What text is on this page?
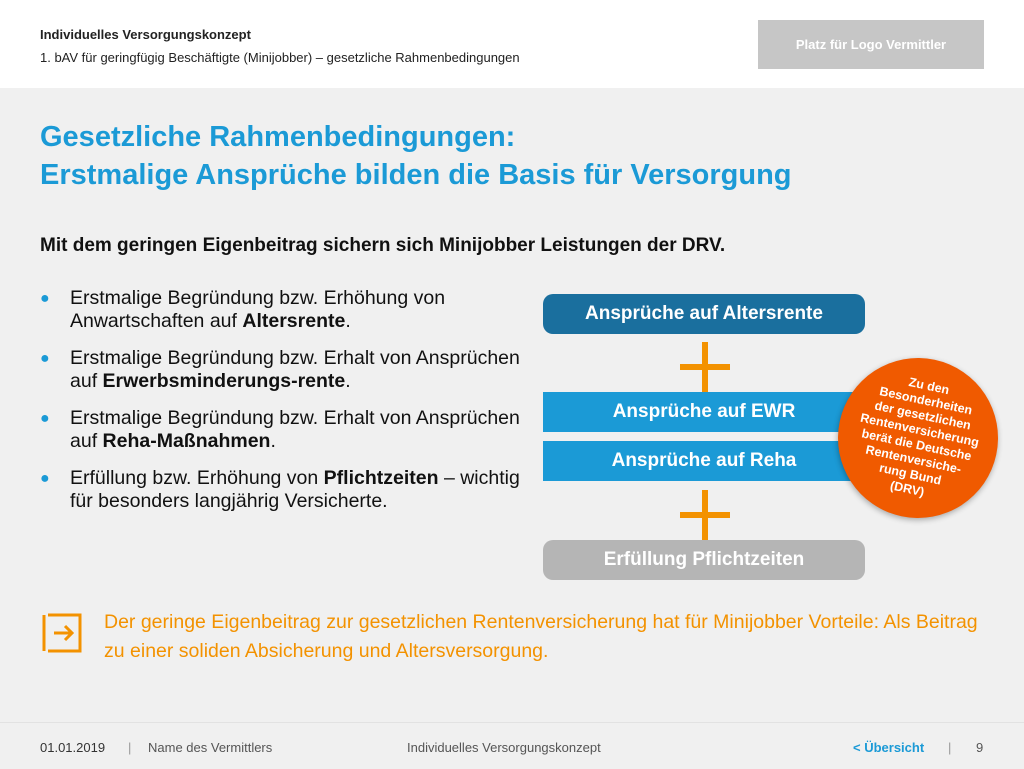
Individuelles Versorgungskonzept
1. bAV für geringfügig Beschäftigte (Minijobber) – gesetzliche Rahmenbedingungen
Platz für Logo Vermittler
Gesetzliche Rahmenbedingungen:
Erstmalige Ansprüche bilden die Basis für Versorgung
Mit dem geringen Eigenbeitrag sichern sich Minijobber Leistungen der DRV.
● Erstmalige Begründung bzw. Erhöhung von Anwartschaften auf Altersrente.
● Erstmalige Begründung bzw. Erhalt von Ansprüchen auf Erwerbsminderungs-rente.
● Erstmalige Begründung bzw. Erhalt von Ansprüchen auf Reha-Maßnahmen.
● Erfüllung bzw. Erhöhung von Pflichtzeiten – wichtig für besonders langjährig Versicherte.
Ansprüche auf Altersrente
Ansprüche auf EWR
Ansprüche auf Reha
Erfüllung Pflichtzeiten
Zu den
Besonderheiten
der gesetzlichen
Rentenversicherung
berät die Deutsche
Rentenversiche-
rung Bund
(DRV)
Der geringe Eigenbeitrag zur gesetzlichen Rentenversicherung hat für Minijobber Vorteile: Als Beitrag zu einer soliden Absicherung und Altersversorgung.
01.01.2019 | Name des Vermittlers	Individuelles Versorgungskonzept	< Übersicht | 9
